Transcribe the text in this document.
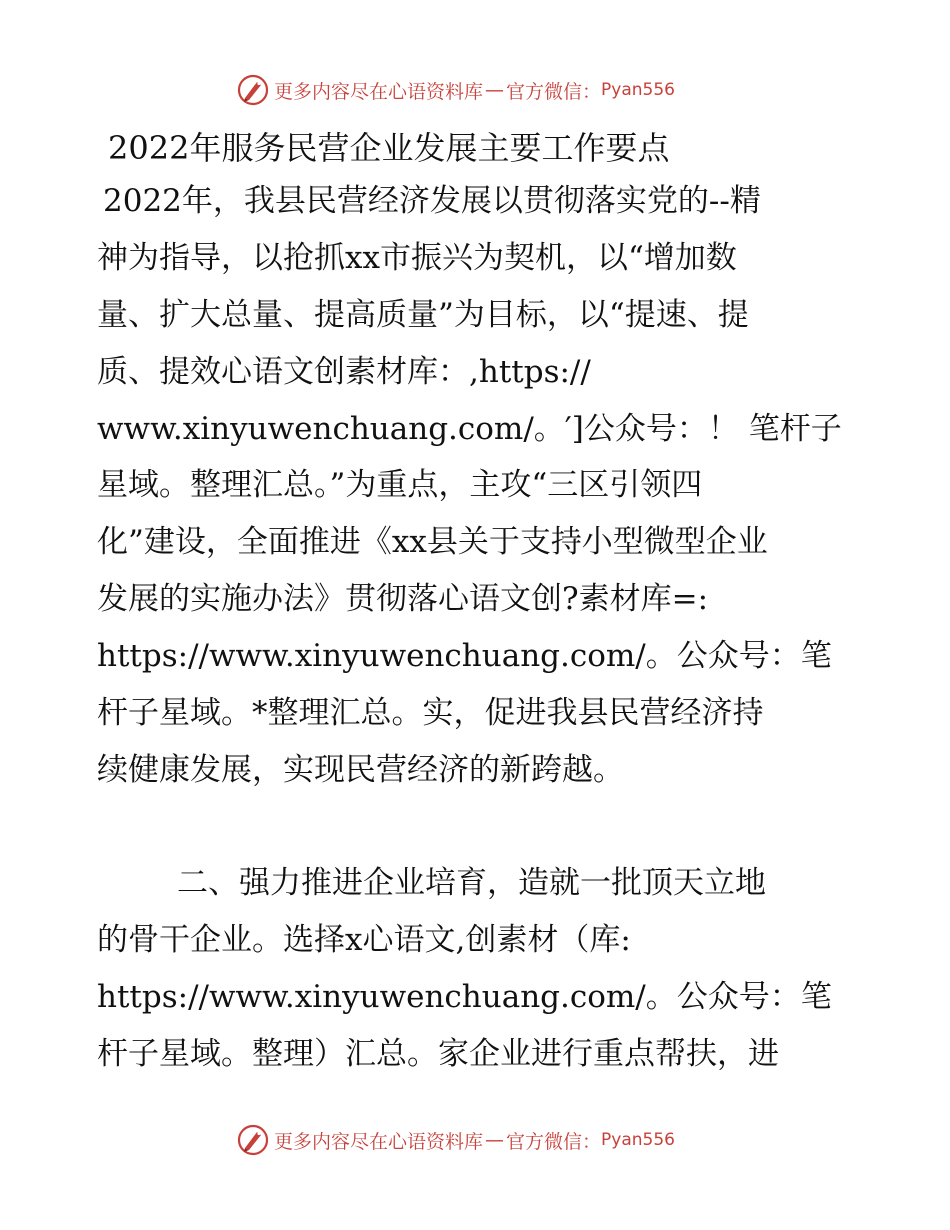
更多内容尽在心语资料库 — 官方微信： Pyan556
2022年服务民营企业发展主要工作要点
2022年，我县民营经济发展以贯彻落实党的--精
神为指导，以抢抓xx市振兴为契机，以“增加数
量、扩大总量、提高质量”为目标，以“提速、提
质、提效心语文创素材库：,https://
www.xinyuwenchuang.com/。′]公众号：！ 笔杆子
星域。整理汇总。”为重点，主攻“三区引领四
化”建设，全面推进《xx县关于支持小型微型企业
发展的实施办法》贯彻落心语文创?素材库=:
https://www.xinyuwenchuang.com/。公众号：笔
杆子星域。*整理汇总。实，促进我县民营经济持
续健康发展，实现民营经济的新跨越。
二、强力推进企业培育，造就一批顶天立地
的骨干企业。选择x心语文,创素材（库:
https://www.xinyuwenchuang.com/。公众号：笔
杆子星域。整理）汇总。家企业进行重点帮扶，进
更多内容尽在心语资料库 — 官方微信： Pyan556
